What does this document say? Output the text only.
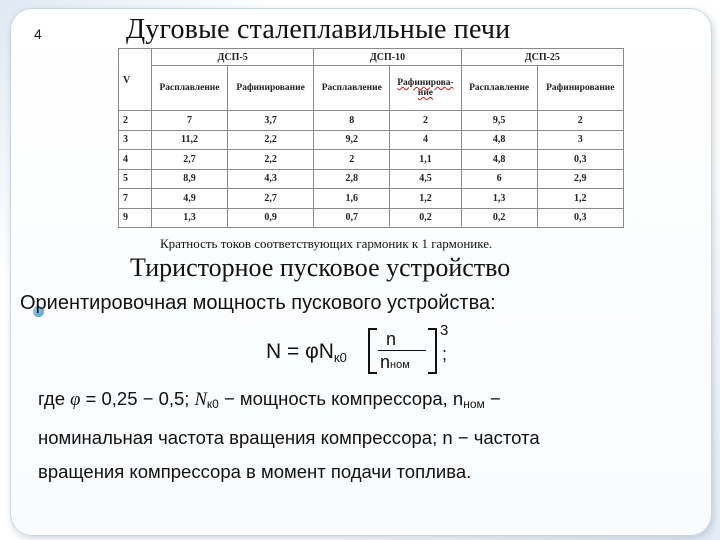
4	Дуговые сталеплавильные печи
V	ДСП-5		ДСП-10		ДСП-25	
	Расплавление	Рафинирование	Расплавление	Рафинирова-
ние	Расплавление	Рафинирование
2	7	3,7	8	2	9,5	2
3	11,2	2,2	9,2	4	4,8	3
4	2,7	2,2	2	1,1	4,8	0,3
5	8,9	4,3	2,8	4,5	6	2,9
7	4,9	2,7	1,6	1,2	1,3	1,2
9	1,3	0,9	0,7	0,2	0,2	0,3
Кратность токов соответствующих гармоник к 1 гармонике.
Тиристорное пусковое устройство
Ориентировочная мощность пускового устройства:
N = φNк0
n
nном
3
;
где φ = 0,25 − 0,5; Nк0 − мощность компрессора, nном −
номинальная частота вращения компрессора; n − частота
вращения компрессора в момент подачи топлива.
